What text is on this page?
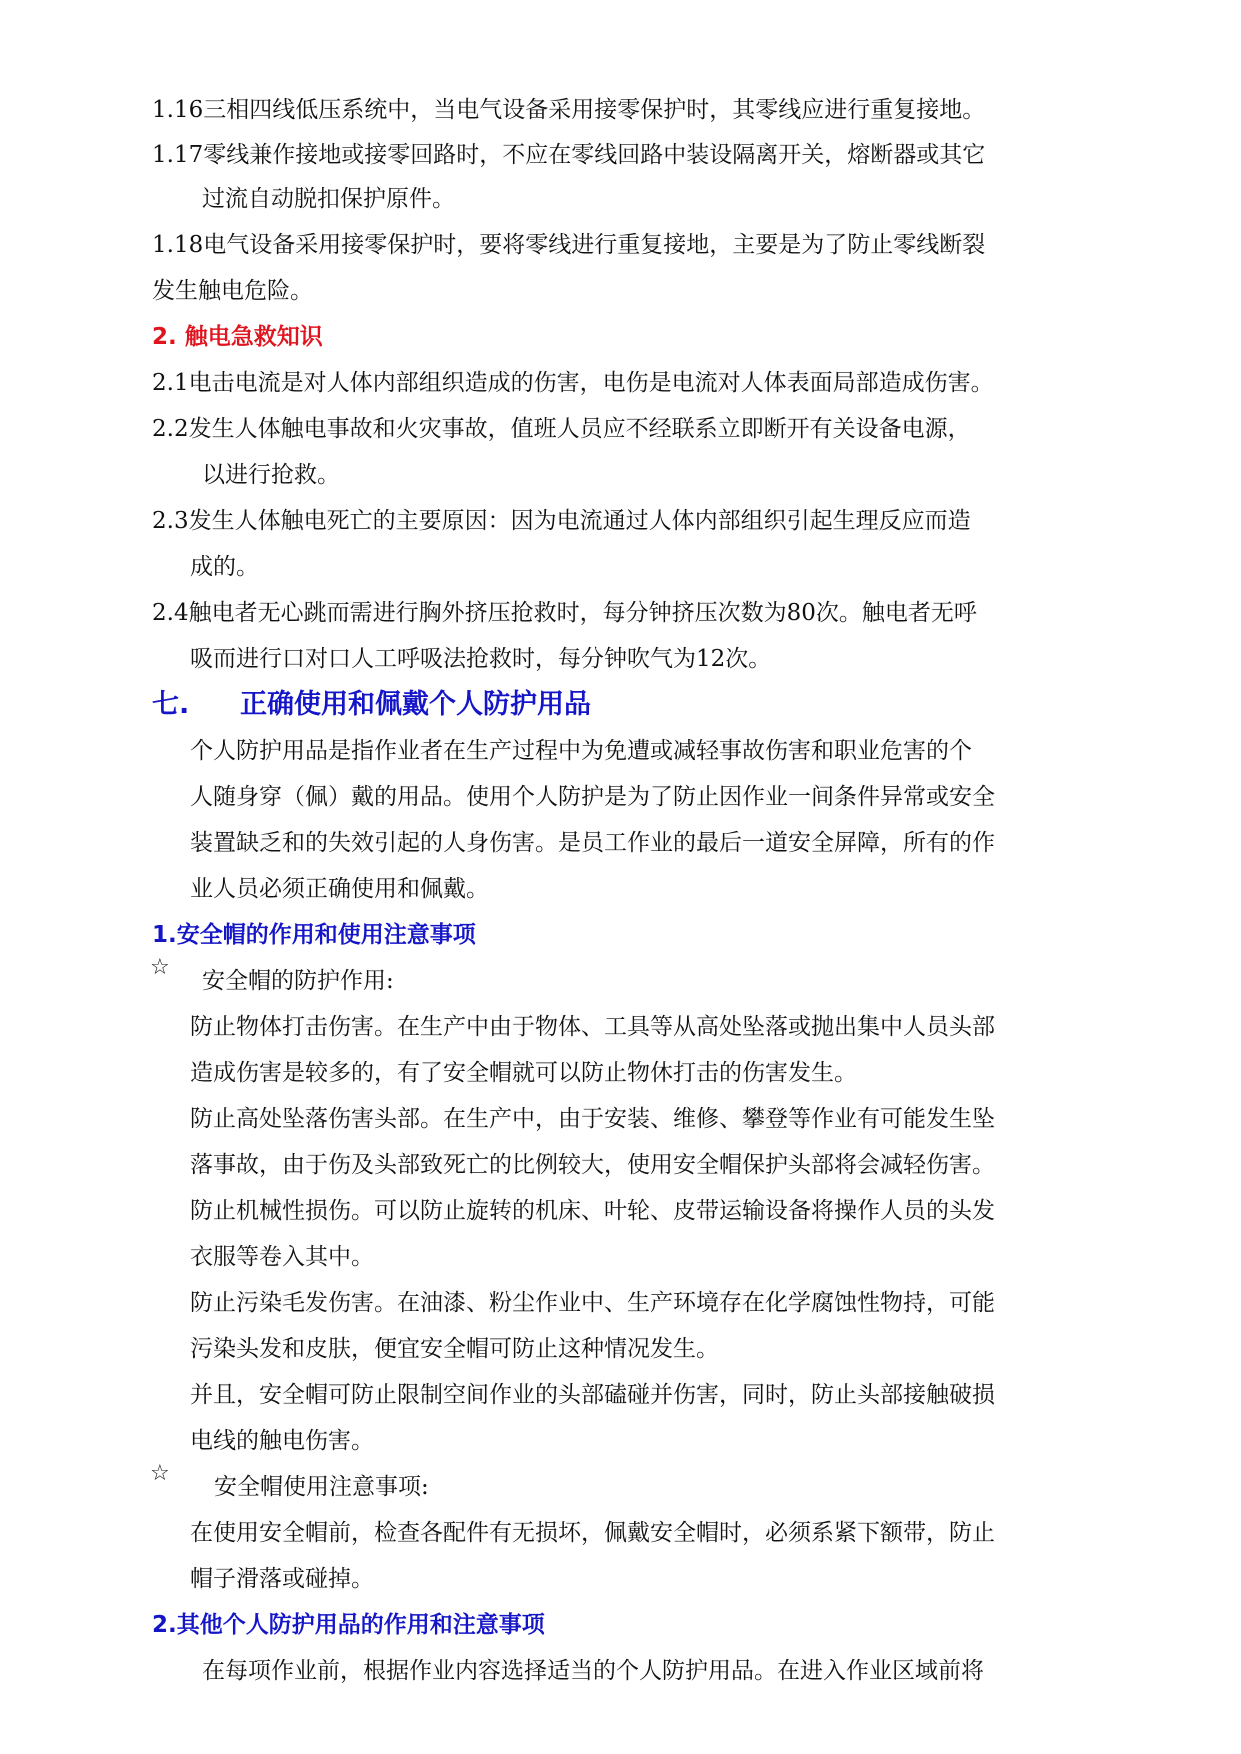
1.16三相四线低压系统中，当电气设备采用接零保护时，其零线应进行重复接地。
1.17零线兼作接地或接零回路时，不应在零线回路中装设隔离开关，熔断器或其它
过流自动脱扣保护原件。
1.18电气设备采用接零保护时，要将零线进行重复接地，主要是为了防止零线断裂
发生触电危险。
2. 触电急救知识
2.1电击电流是对人体内部组织造成的伤害，电伤是电流对人体表面局部造成伤害。
2.2发生人体触电事故和火灾事故，值班人员应不经联系立即断开有关设备电源，
以进行抢救。
2.3发生人体触电死亡的主要原因：因为电流通过人体内部组织引起生理反应而造
成的。
2.4触电者无心跳而需进行胸外挤压抢救时，每分钟挤压次数为80次。触电者无呼
吸而进行口对口人工呼吸法抢救时，每分钟吹气为12次。
七. 正确使用和佩戴个人防护用品
个人防护用品是指作业者在生产过程中为免遭或减轻事故伤害和职业危害的个
人随身穿（佩）戴的用品。使用个人防护是为了防止因作业一间条件异常或安全
装置缺乏和的失效引起的人身伤害。是员工作业的最后一道安全屏障，所有的作
业人员必须正确使用和佩戴。
1.安全帽的作用和使用注意事项
☆
安全帽的防护作用:
防止物体打击伤害。在生产中由于物体、工具等从高处坠落或抛出集中人员头部
造成伤害是较多的，有了安全帽就可以防止物休打击的伤害发生。
防止高处坠落伤害头部。在生产中，由于安装、维修、攀登等作业有可能发生坠
落事故，由于伤及头部致死亡的比例较大，使用安全帽保护头部将会减轻伤害。
防止机械性损伤。可以防止旋转的机床、叶轮、皮带运输设备将操作人员的头发
衣服等卷入其中。
防止污染毛发伤害。在油漆、粉尘作业中、生产环境存在化学腐蚀性物持，可能
污染头发和皮肤，便宜安全帽可防止这种情况发生。
并且，安全帽可防止限制空间作业的头部磕碰并伤害，同时，防止头部接触破损
电线的触电伤害。
☆
安全帽使用注意事项:
在使用安全帽前，检查各配件有无损坏，佩戴安全帽时，必须系紧下额带，防止
帽子滑落或碰掉。
2.其他个人防护用品的作用和注意事项
在每项作业前，根据作业内容选择适当的个人防护用品。在进入作业区域前将
